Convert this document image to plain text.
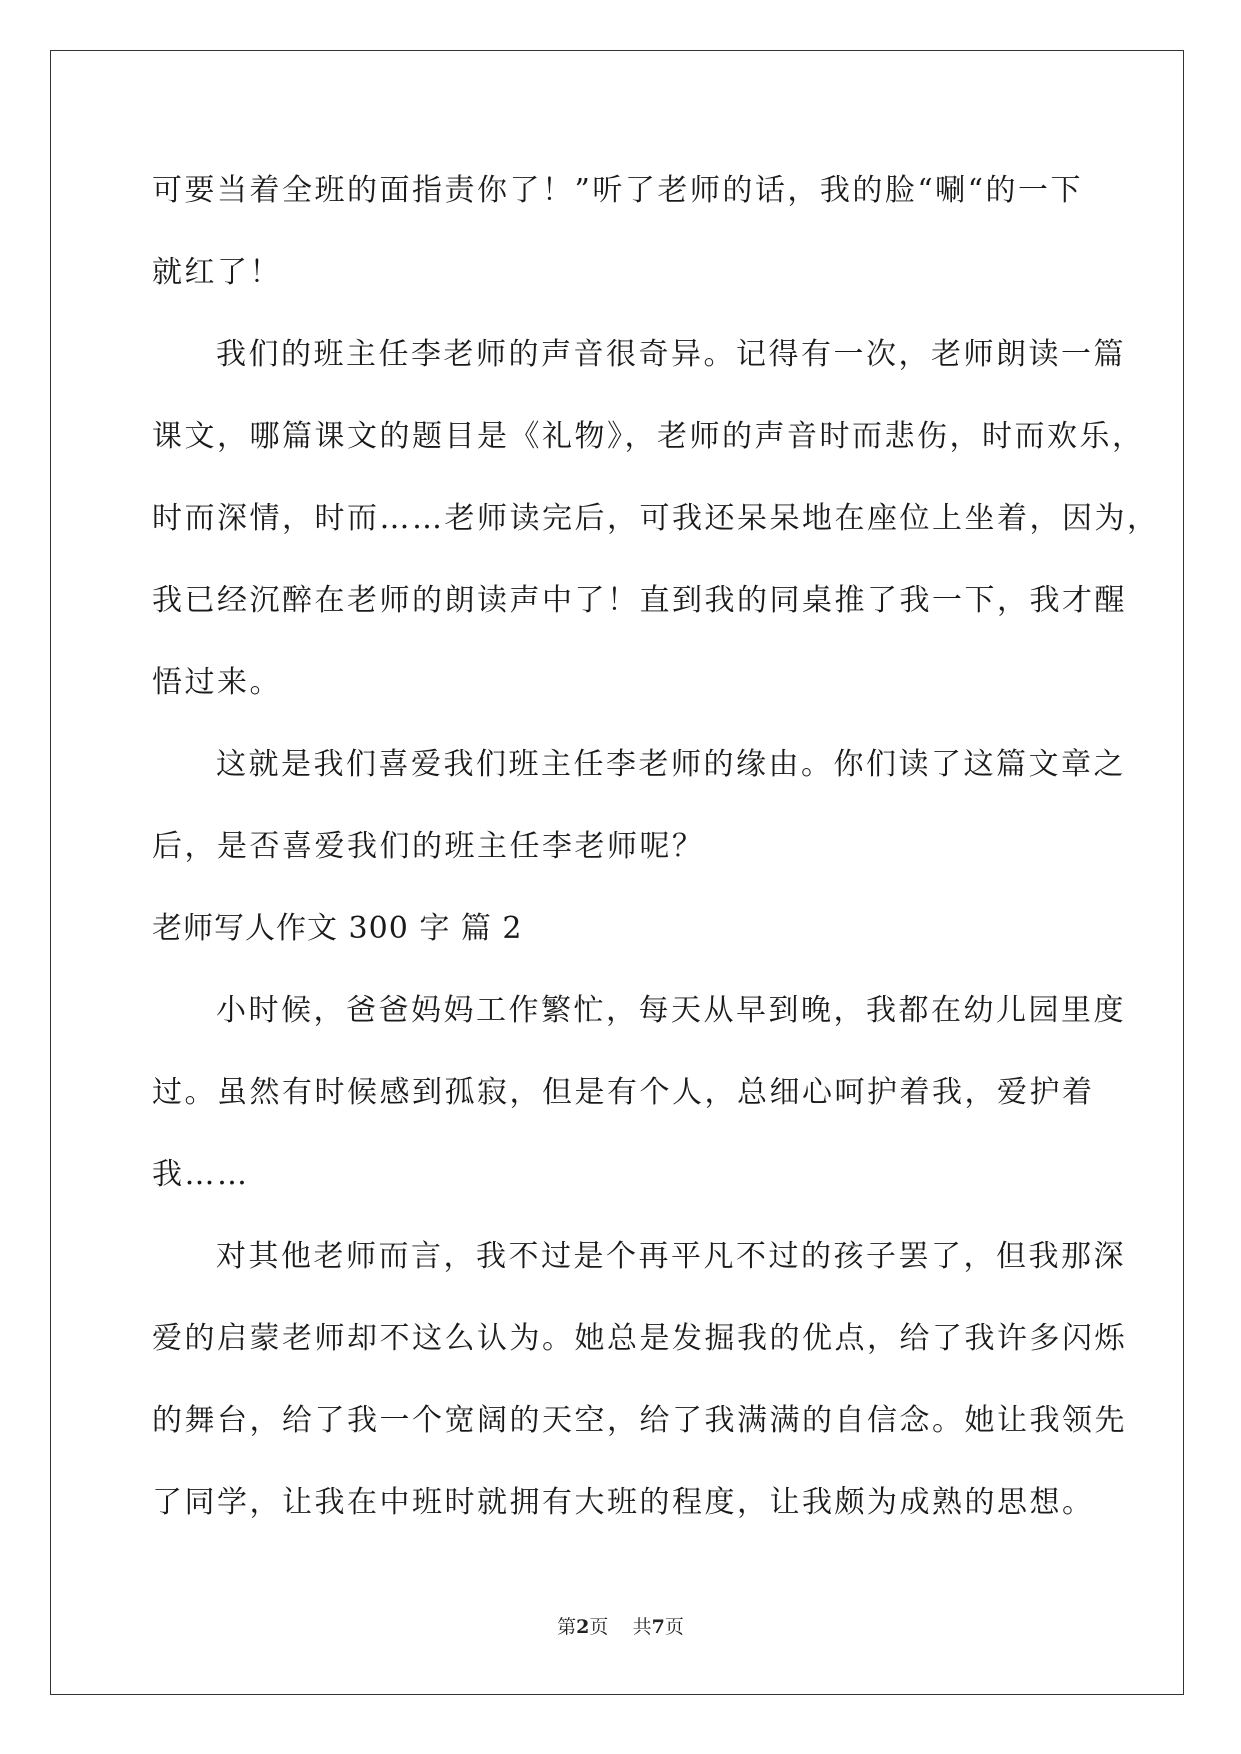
可要当着全班的面指责你了！”听了老师的话，我的脸“唰“的一下
就红了！
我们的班主任李老师的声音很奇异。记得有一次，老师朗读一篇
课文，哪篇课文的题目是《礼物》，老师的声音时而悲伤，时而欢乐，
时而深情，时而……老师读完后，可我还呆呆地在座位上坐着，因为，
我已经沉醉在老师的朗读声中了！直到我的同桌推了我一下，我才醒
悟过来。
这就是我们喜爱我们班主任李老师的缘由。你们读了这篇文章之
后，是否喜爱我们的班主任李老师呢？
老师写人作文 300 字 篇 2
小时候，爸爸妈妈工作繁忙，每天从早到晚，我都在幼儿园里度
过。虽然有时候感到孤寂，但是有个人，总细心呵护着我，爱护着
我……
对其他老师而言，我不过是个再平凡不过的孩子罢了，但我那深
爱的启蒙老师却不这么认为。她总是发掘我的优点，给了我许多闪烁
的舞台，给了我一个宽阔的天空，给了我满满的自信念。她让我领先
了同学，让我在中班时就拥有大班的程度，让我颇为成熟的思想。
第2页 共7页
